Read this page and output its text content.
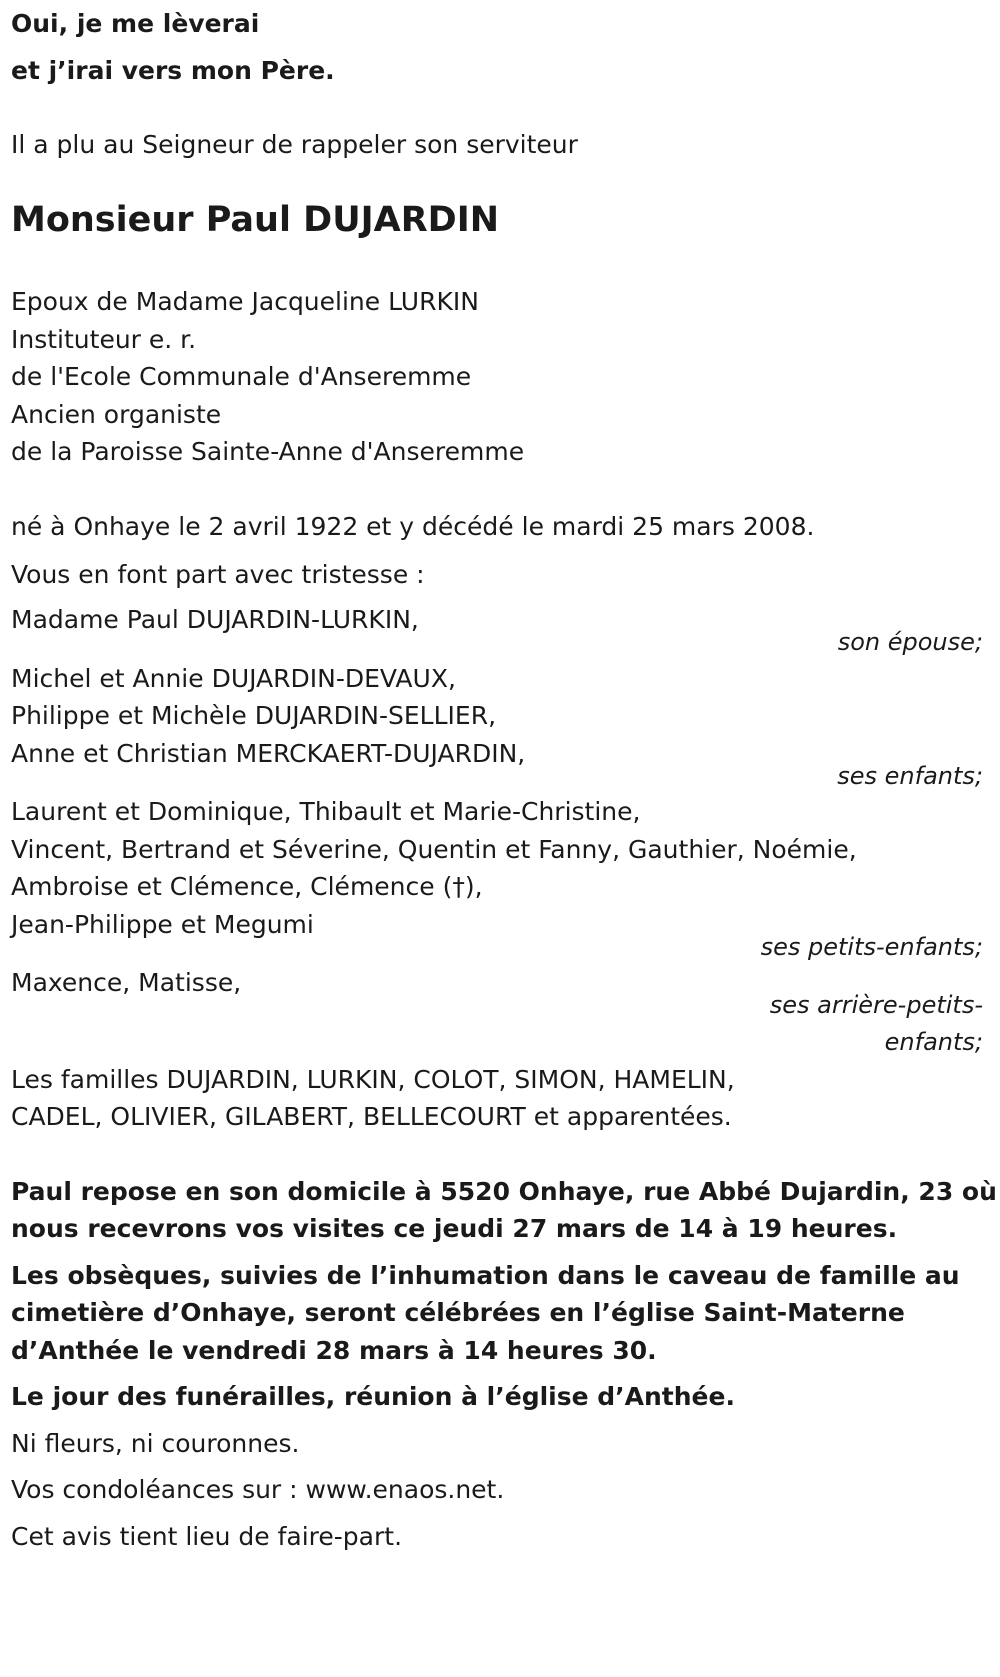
Oui, je me lèverai
et j’irai vers mon Père.
Il a plu au Seigneur de rappeler son serviteur
Monsieur Paul DUJARDIN
Epoux de Madame Jacqueline LURKIN
Instituteur e. r.
de l'Ecole Communale d'Anseremme
Ancien organiste
de la Paroisse Sainte-Anne d'Anseremme
né à Onhaye le 2 avril 1922 et y décédé le mardi 25 mars 2008.
Vous en font part avec tristesse :
Madame Paul DUJARDIN-LURKIN,
son épouse;
Michel et Annie DUJARDIN-DEVAUX,
Philippe et Michèle DUJARDIN-SELLIER,
Anne et Christian MERCKAERT-DUJARDIN,
ses enfants;
Laurent et Dominique, Thibault et Marie-Christine,
Vincent, Bertrand et Séverine, Quentin et Fanny, Gauthier, Noémie,
Ambroise et Clémence, Clémence (†),
Jean-Philippe et Megumi
ses petits-enfants;
Maxence, Matisse,
ses arrière-petits-
enfants;
Les familles DUJARDIN, LURKIN, COLOT, SIMON, HAMELIN,
CADEL, OLIVIER, GILABERT, BELLECOURT et apparentées.
Paul repose en son domicile à 5520 Onhaye, rue Abbé Dujardin, 23 où
nous recevrons vos visites ce jeudi 27 mars de 14 à 19 heures.
Les obsèques, suivies de l’inhumation dans le caveau de famille au
cimetière d’Onhaye, seront célébrées en l’église Saint-Materne
d’Anthée le vendredi 28 mars à 14 heures 30.
Le jour des funérailles, réunion à l’église d’Anthée.
Ni fleurs, ni couronnes.
Vos condoléances sur : www.enaos.net.
Cet avis tient lieu de faire-part.
